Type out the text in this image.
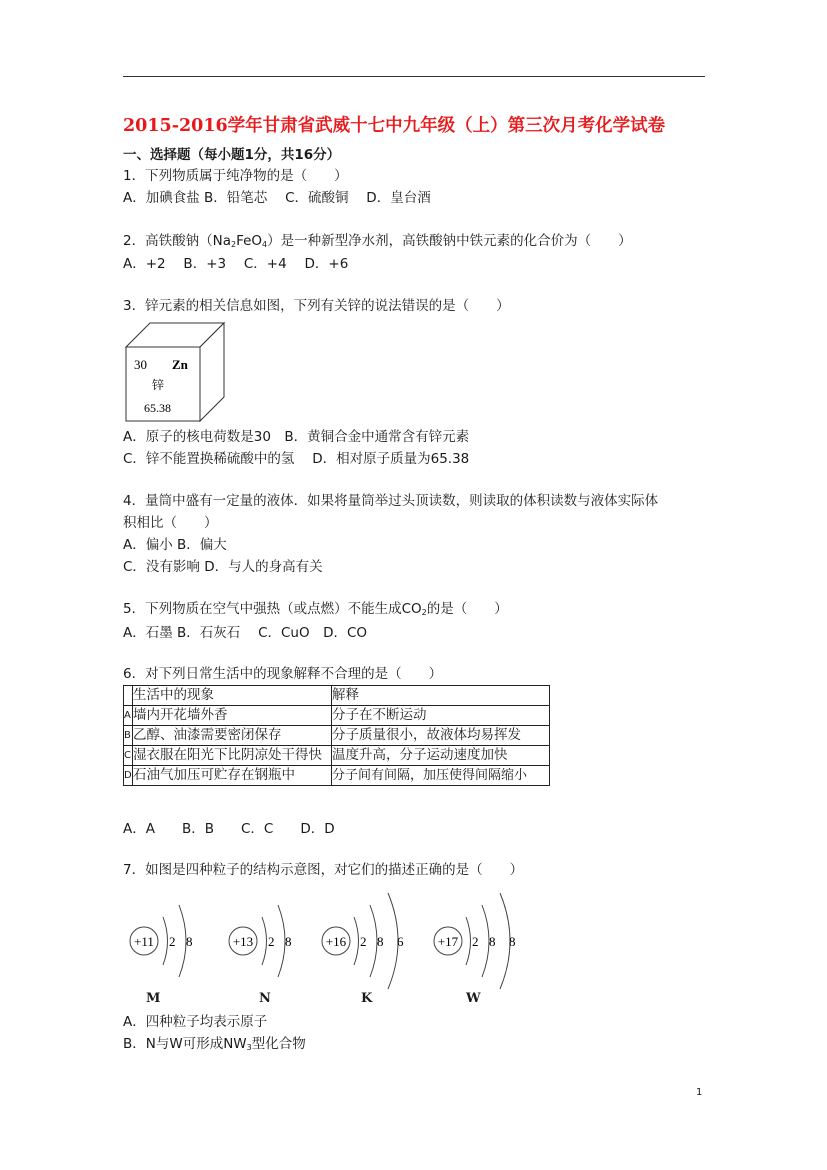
2015-2016学年甘肃省武威十七中九年级（上）第三次月考化学试卷
一、选择题（每小题1分，共16分）
1．下列物质属于纯净物的是（　　）
A．加碘食盐 B．铅笔芯　 C．硫酸铜　 D．皇台酒
2．高铁酸钠$(Na_2FeO_4)$是一种新型净水剂，高铁酸钠中铁元素的化合价为（　　）
A．+2　 B．+3　 C．+4　 D．+6
3．锌元素的相关信息如图，下列有关锌的说法错误的是（　　）
30 Zn
锌
65.38
A．原子的核电荷数是30　B．黄铜合金中通常含有锌元素
C．锌不能置换稀硫酸中的氢　 D．相对原子质量为65.38
4．量筒中盛有一定量的液体．如果将量筒举过头顶读数，则读取的体积读数与液体实际体
积相比（　　）
A．偏小 B．偏大
C．没有影响 D．与人的身高有关
5．下列物质在空气中强热（或点燃）不能生成$CO_2$的是（　　）
A．石墨 B．石灰石　 C．CuO　D．CO
6．对下列日常生活中的现象解释不合理的是（　　）
	生活中的现象	解释
A	墙内开花墙外香	分子在不断运动
B	乙醇、油漆需要密闭保存	分子质量很小，故液体均易挥发
C	湿衣服在阳光下比阴凉处干得快	温度升高，分子运动速度加快
D	石油气加压可贮存在钢瓶中	分子间有间隔，加压使得间隔缩小
A．A　　B．B　　C．C　　D．D
7．如图是四种粒子的结构示意图，对它们的描述正确的是（　　）
+11 2 8	+13 2 8	+16 2 8 6	+17 2 8 8
M	N	K	W
A．四种粒子均表示原子
B．N与W可形成$NW_3$型化合物
1
